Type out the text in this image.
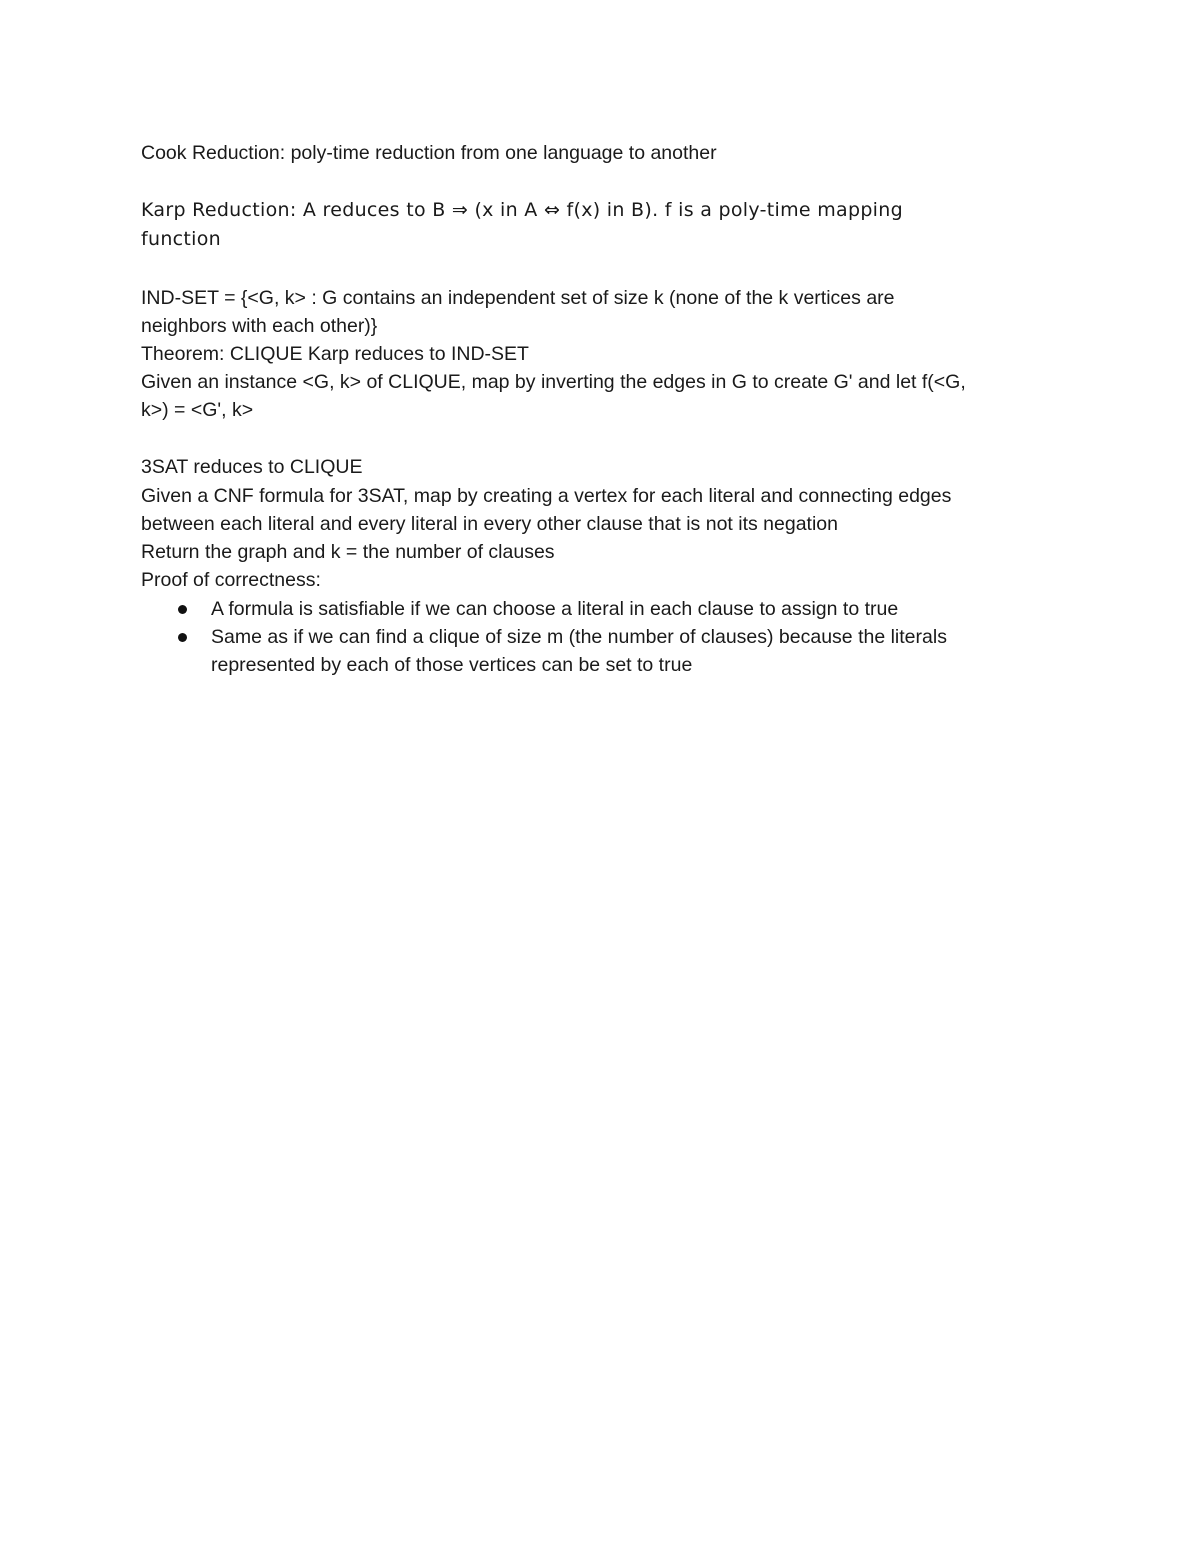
Cook Reduction: poly-time reduction from one language to another

Karp Reduction: A reduces to B ⇒ (x in A ⇔ f(x) in B). f is a poly-time mapping

function

IND-SET = {<G, k> : G contains an independent set of size k (none of the k vertices are

neighbors with each other)}

Theorem: CLIQUE Karp reduces to IND-SET

Given an instance <G, k> of CLIQUE, map by inverting the edges in G to create G' and let f(<G,

k>) = <G', k>

3SAT reduces to CLIQUE

Given a CNF formula for 3SAT, map by creating a vertex for each literal and connecting edges

between each literal and every literal in every other clause that is not its negation

Return the graph and k = the number of clauses

Proof of correctness:

A formula is satisfiable if we can choose a literal in each clause to assign to true

Same as if we can find a clique of size m (the number of clauses) because the literals

represented by each of those vertices can be set to true
